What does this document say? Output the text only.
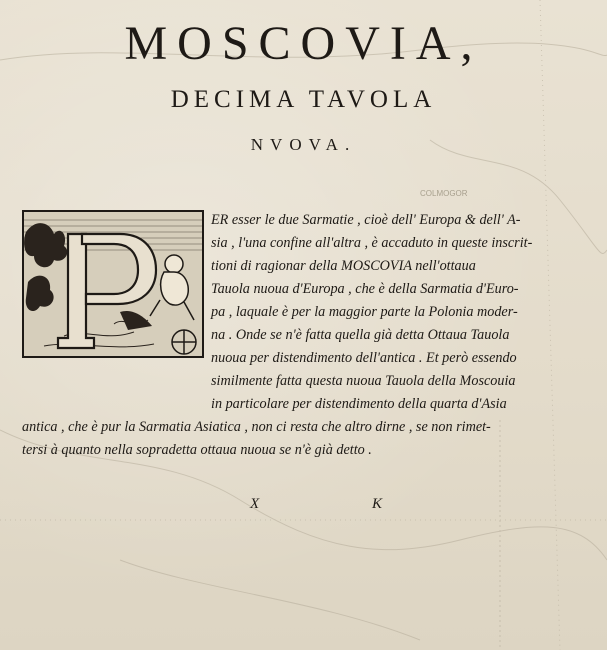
COLMOGOR
MOSCOVIA,
DECIMA TAVOLA
NVOVA.
ER esser le due Sarmatie , cioè dell' Europa & dell' A-
sia , l'una confine all'altra , è accaduto in queste inscrit-
tioni di ragionar della MOSCOVIA nell'ottaua
Tauola nuoua d'Europa , che è della Sarmatia d'Euro-
pa , laquale è per la maggior parte la Polonia moder-
na . Onde se n'è fatta quella già detta Ottaua Tauola
nuoua per distendimento dell'antica . Et però essendo
similmente fatta questa nuoua Tauola della Moscouia
in particolare per distendimento della quarta d'Asia
antica , che è pur la Sarmatia Asiatica , non ci resta che altro dirne , se non rimet-
tersi à quanto nella sopradetta ottaua nuoua se n'è già detto .
X	K
